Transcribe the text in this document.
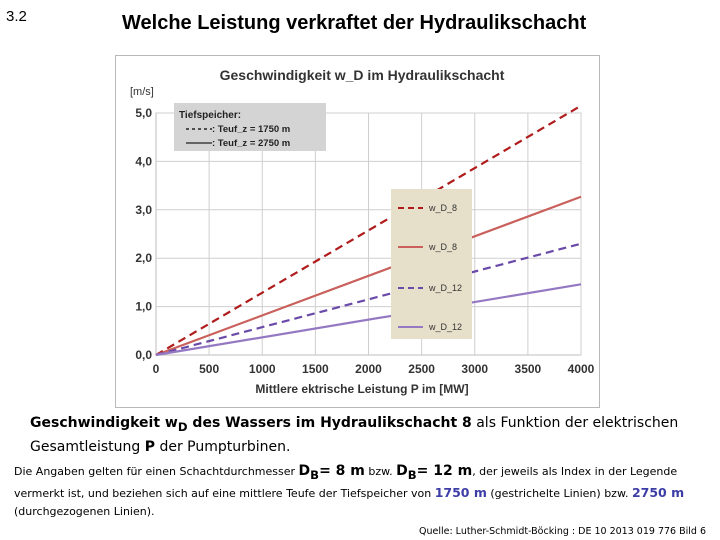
3.2	Welche Leistung verkraftet der Hydraulikschacht
Geschwindigkeit w_D im Hydraulikschacht
[m/s]
Mittlere ektrische Leistung P im [MW]
0,0
1,0
2,0
3,0
4,0
5,0
0	500 1000 1500 2000 2500 3000 3500 4000
Tiefspeicher:
: Teuf_z = 1750 m
: Teuf_z = 2750 m
w_D_8
w_D_8
w_D_12
w_D_12
Geschwindigkeit $w_D$ des Wassers im Hydraulikschacht 8 als Funktion der elektrischen Gesamtleistung P der Pumpturbinen.
Die Angaben gelten für einen Schachtdurchmesser $D_B= 8$ m bzw. $D_B= 12$ m, der jeweils als Index in der Legende vermerkt ist, und beziehen sich auf eine mittlere Teufe der Tiefspeicher von 1750 m (gestrichelte Linien) bzw. 2750 m (durchgezogenen Linien).
Quelle: Luther-Schmidt-Böcking : DE 10 2013 019 776 Bild 6
